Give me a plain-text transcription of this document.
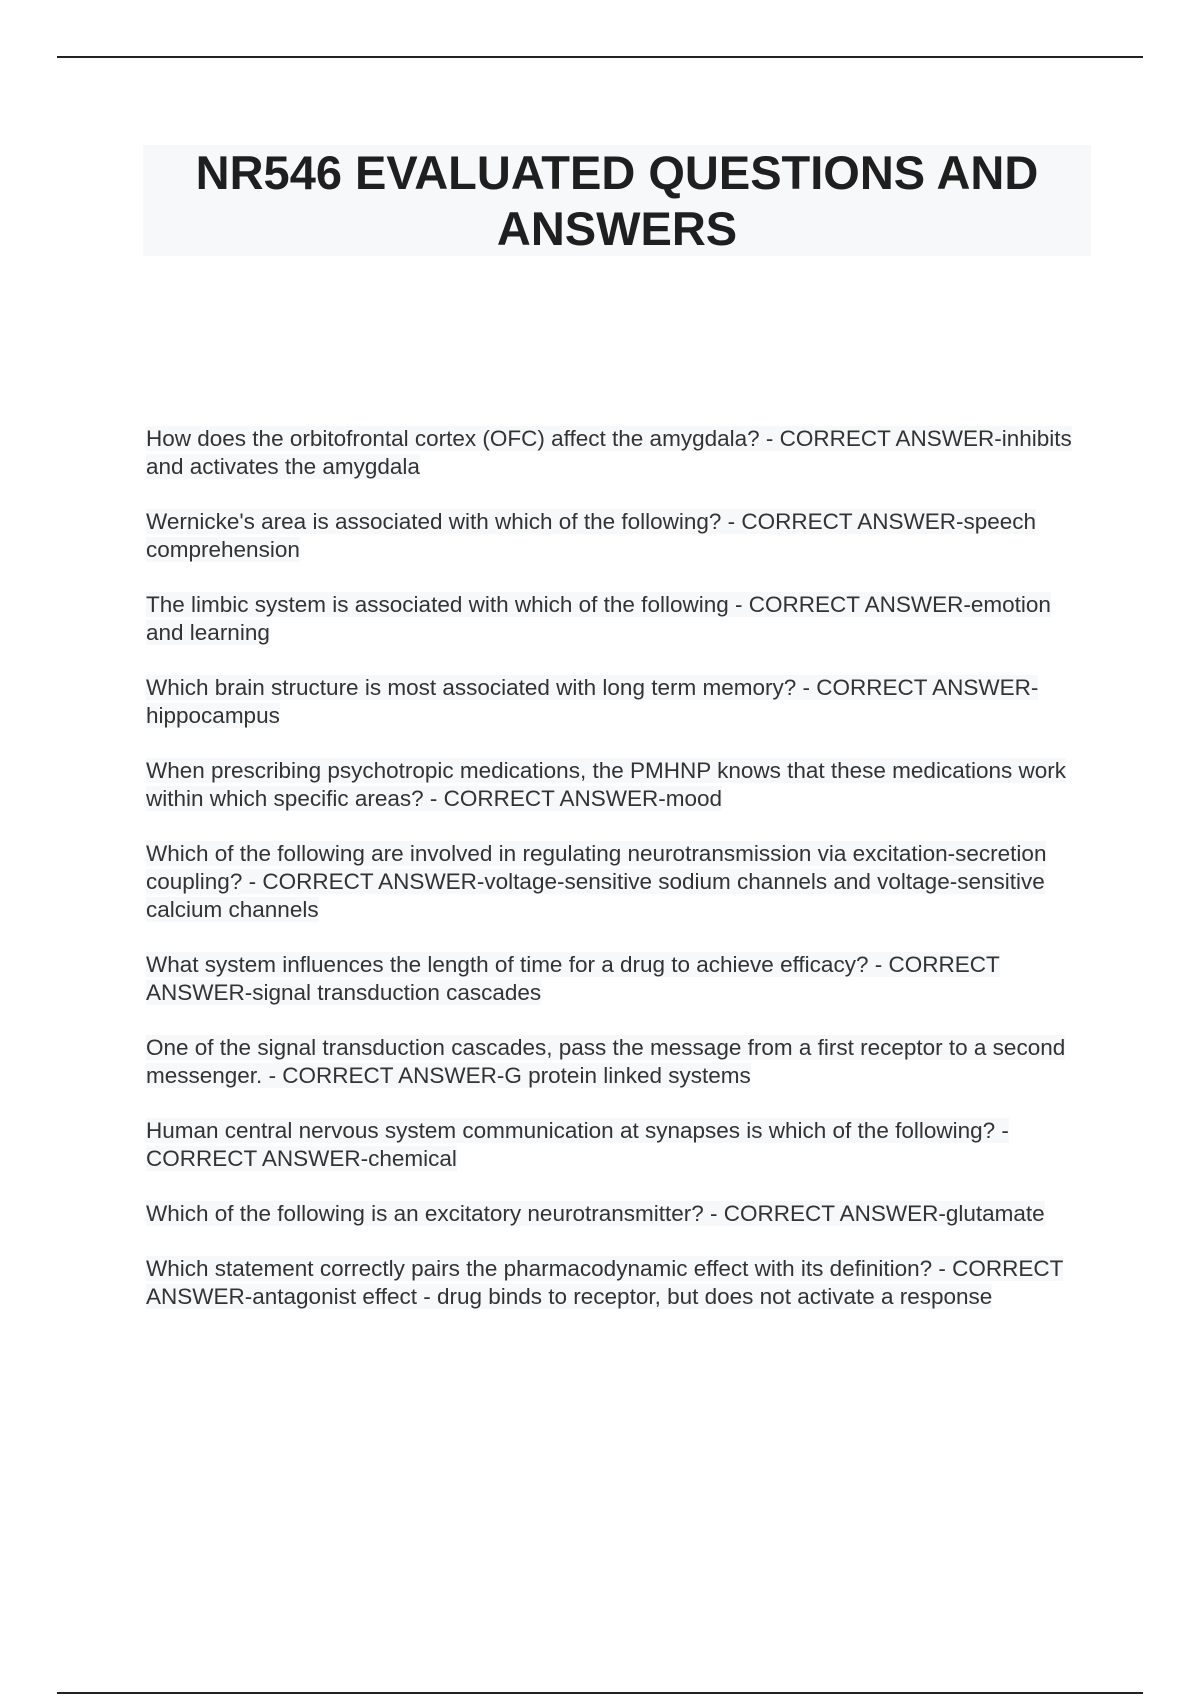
NR546 EVALUATED QUESTIONS AND ANSWERS
How does the orbitofrontal cortex (OFC) affect the amygdala? - CORRECT ANSWER-inhibits and activates the amygdala
Wernicke's area is associated with which of the following? - CORRECT ANSWER-speech comprehension
The limbic system is associated with which of the following - CORRECT ANSWER-emotion and learning
Which brain structure is most associated with long term memory? - CORRECT ANSWER-hippocampus
When prescribing psychotropic medications, the PMHNP knows that these medications work within which specific areas? - CORRECT ANSWER-mood
Which of the following are involved in regulating neurotransmission via excitation-secretion coupling? - CORRECT ANSWER-voltage-sensitive sodium channels and voltage-sensitive calcium channels
What system influences the length of time for a drug to achieve efficacy? - CORRECT ANSWER-signal transduction cascades
One of the signal transduction cascades, pass the message from a first receptor to a second messenger. - CORRECT ANSWER-G protein linked systems
Human central nervous system communication at synapses is which of the following? - CORRECT ANSWER-chemical
Which of the following is an excitatory neurotransmitter? - CORRECT ANSWER-glutamate
Which statement correctly pairs the pharmacodynamic effect with its definition? - CORRECT ANSWER-antagonist effect - drug binds to receptor, but does not activate a response
